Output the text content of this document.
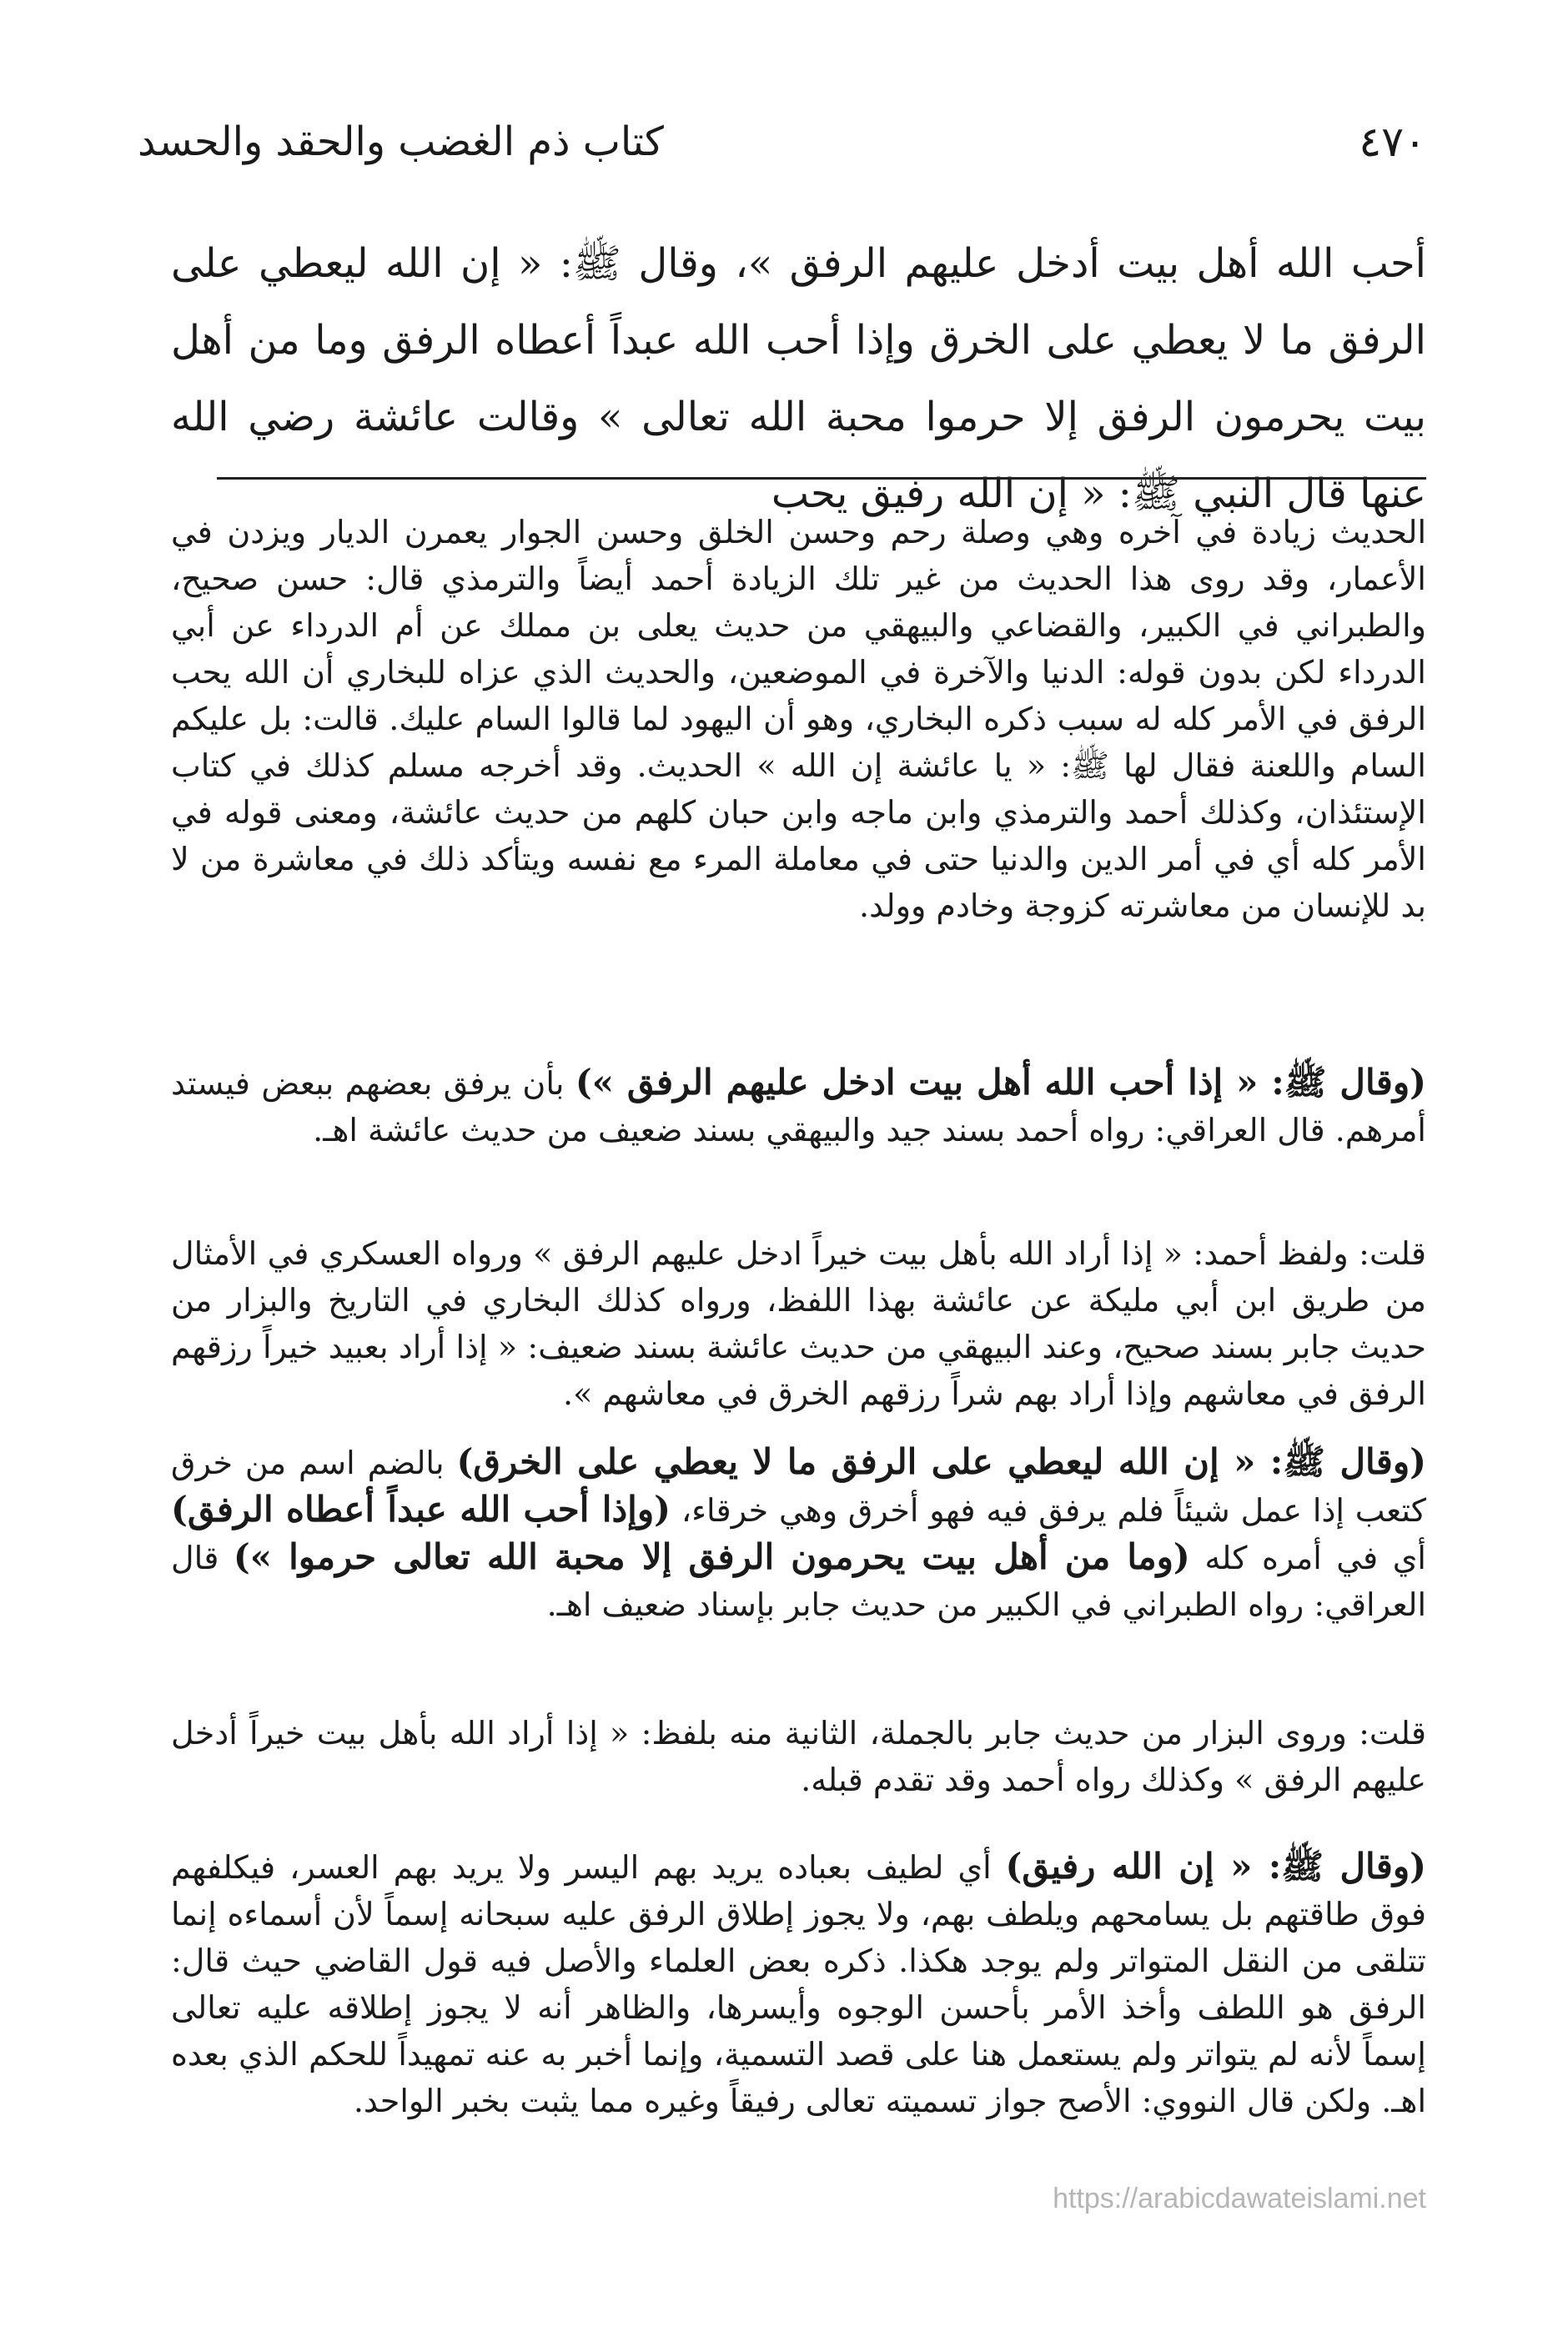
٤٧٠
كتاب ذم الغضب والحقد والحسد
أحب الله أهل بيت أدخل عليهم الرفق »، وقال ﷺ: « إن الله ليعطي على الرفق ما لا يعطي على الخرق وإذا أحب الله عبداً أعطاه الرفق وما من أهل بيت يحرمون الرفق إلا حرموا محبة الله تعالى » وقالت عائشة رضي الله عنها قال النبي ﷺ: « إن الله رفيق يحب
الحديث زيادة في آخره وهي وصلة رحم وحسن الخلق وحسن الجوار يعمرن الديار ويزدن في الأعمار، وقد روى هذا الحديث من غير تلك الزيادة أحمد أيضاً والترمذي قال: حسن صحيح، والطبراني في الكبير، والقضاعي والبيهقي من حديث يعلى بن مملك عن أم الدرداء عن أبي الدرداء لكن بدون قوله: الدنيا والآخرة في الموضعين، والحديث الذي عزاه للبخاري أن الله يحب الرفق في الأمر كله له سبب ذكره البخاري، وهو أن اليهود لما قالوا السام عليك. قالت: بل عليكم السام واللعنة فقال لها ﷺ: « يا عائشة إن الله » الحديث. وقد أخرجه مسلم كذلك في كتاب الإستئذان، وكذلك أحمد والترمذي وابن ماجه وابن حبان كلهم من حديث عائشة، ومعنى قوله في الأمر كله أي في أمر الدين والدنيا حتى في معاملة المرء مع نفسه ويتأكد ذلك في معاشرة من لا بد للإنسان من معاشرته كزوجة وخادم وولد.
(وقال ﷺ: « إذا أحب الله أهل بيت ادخل عليهم الرفق ») بأن يرفق بعضهم ببعض فيستد أمرهم. قال العراقي: رواه أحمد بسند جيد والبيهقي بسند ضعيف من حديث عائشة اهـ.
قلت: ولفظ أحمد: « إذا أراد الله بأهل بيت خيراً ادخل عليهم الرفق » ورواه العسكري في الأمثال من طريق ابن أبي مليكة عن عائشة بهذا اللفظ، ورواه كذلك البخاري في التاريخ والبزار من حديث جابر بسند صحيح، وعند البيهقي من حديث عائشة بسند ضعيف: « إذا أراد بعبيد خيراً رزقهم الرفق في معاشهم وإذا أراد بهم شراً رزقهم الخرق في معاشهم ».
(وقال ﷺ: « إن الله ليعطي على الرفق ما لا يعطي على الخرق) بالضم اسم من خرق كتعب إذا عمل شيئاً فلم يرفق فيه فهو أخرق وهي خرقاء، (وإذا أحب الله عبداً أعطاه الرفق) أي في أمره كله (وما من أهل بيت يحرمون الرفق إلا محبة الله تعالى حرموا ») قال العراقي: رواه الطبراني في الكبير من حديث جابر بإسناد ضعيف اهـ.
قلت: وروى البزار من حديث جابر بالجملة، الثانية منه بلفظ: « إذا أراد الله بأهل بيت خيراً أدخل عليهم الرفق » وكذلك رواه أحمد وقد تقدم قبله.
(وقال ﷺ: « إن الله رفيق) أي لطيف بعباده يريد بهم اليسر ولا يريد بهم العسر، فيكلفهم فوق طاقتهم بل يسامحهم ويلطف بهم، ولا يجوز إطلاق الرفق عليه سبحانه إسماً لأن أسماءه إنما تتلقى من النقل المتواتر ولم يوجد هكذا. ذكره بعض العلماء والأصل فيه قول القاضي حيث قال: الرفق هو اللطف وأخذ الأمر بأحسن الوجوه وأيسرها، والظاهر أنه لا يجوز إطلاقه عليه تعالى إسماً لأنه لم يتواتر ولم يستعمل هنا على قصد التسمية، وإنما أخبر به عنه تمهيداً للحكم الذي بعده اهـ. ولكن قال النووي: الأصح جواز تسميته تعالى رفيقاً وغيره مما يثبت بخبر الواحد.
https://arabicdawateislami.net
